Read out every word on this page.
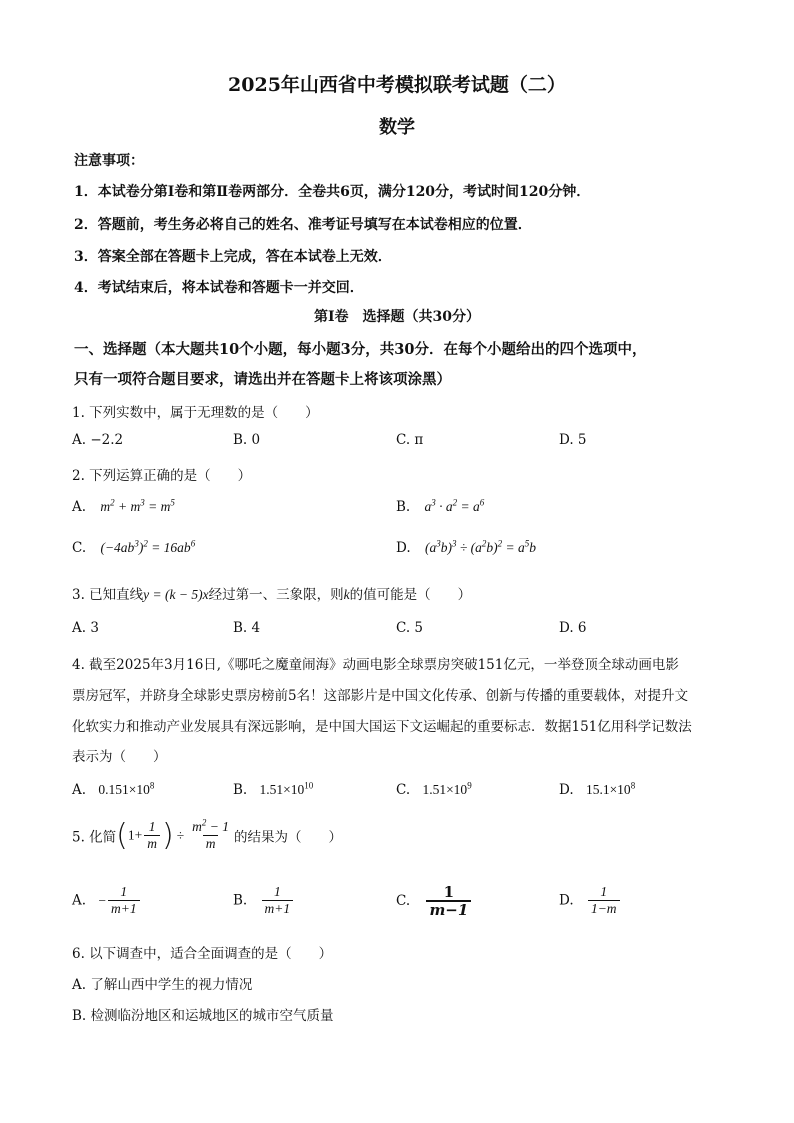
2025年山西省中考模拟联考试题（二）
数学
注意事项：
1．本试卷分第Ⅰ卷和第Ⅱ卷两部分．全卷共6页，满分120分，考试时间120分钟．
2．答题前，考生务必将自己的姓名、准考证号填写在本试卷相应的位置．
3．答案全部在答题卡上完成，答在本试卷上无效．
4．考试结束后，将本试卷和答题卡一并交回．
第Ⅰ卷　选择题（共30分）
一、选择题（本大题共10个小题，每小题3分，共30分．在每个小题给出的四个选项中，
只有一项符合题目要求，请选出并在答题卡上将该项涂黑）
1. 下列实数中，属于无理数的是（　　）
A. −2.2	B. 0	C. π	D. 5
2. 下列运算正确的是（　　）
A. $m^2 + m^3 = m^5$	B. $a^3 \cdot a^2 = a^6$
C. $(-4ab^3)^2 = 16ab^6$	D. $(a^3b)^3 \div (a^2b)^2 = a^5b$
3. 已知直线y = (k − 5)x经过第一、三象限，则k的值可能是（　　）
A. 3	B. 4	C. 5	D. 6
4. 截至2025年3月16日,《哪吒之魔童闹海》动画电影全球票房突破151亿元，一举登顶全球动画电影
票房冠军，并跻身全球影史票房榜前5名！这部影片是中国文化传承、创新与传播的重要载体，对提升文
化软实力和推动产业发展具有深远影响，是中国大国运下文运崛起的重要标志．数据151亿用科学记数法
表示为（　　）
A. $0.151\times 10^8$	B. $1.51\times 10^{10}$	C. $1.51\times 10^9$	D. $15.1\times 10^8$
5. 化简($1+ \frac{1}{m}$ ) ÷ $\frac{m^2 - 1}{m}$ 的结果为（　　）
A. − $\frac{1}{m+1}$	B. $\frac{1}{m+1}$	C. $\frac{1}{m-1}$	D. $\frac{1}{1-m}$
6. 以下调查中，适合全面调查的是（　　）
A. 了解山西中学生的视力情况
B. 检测临汾地区和运城地区的城市空气质量
